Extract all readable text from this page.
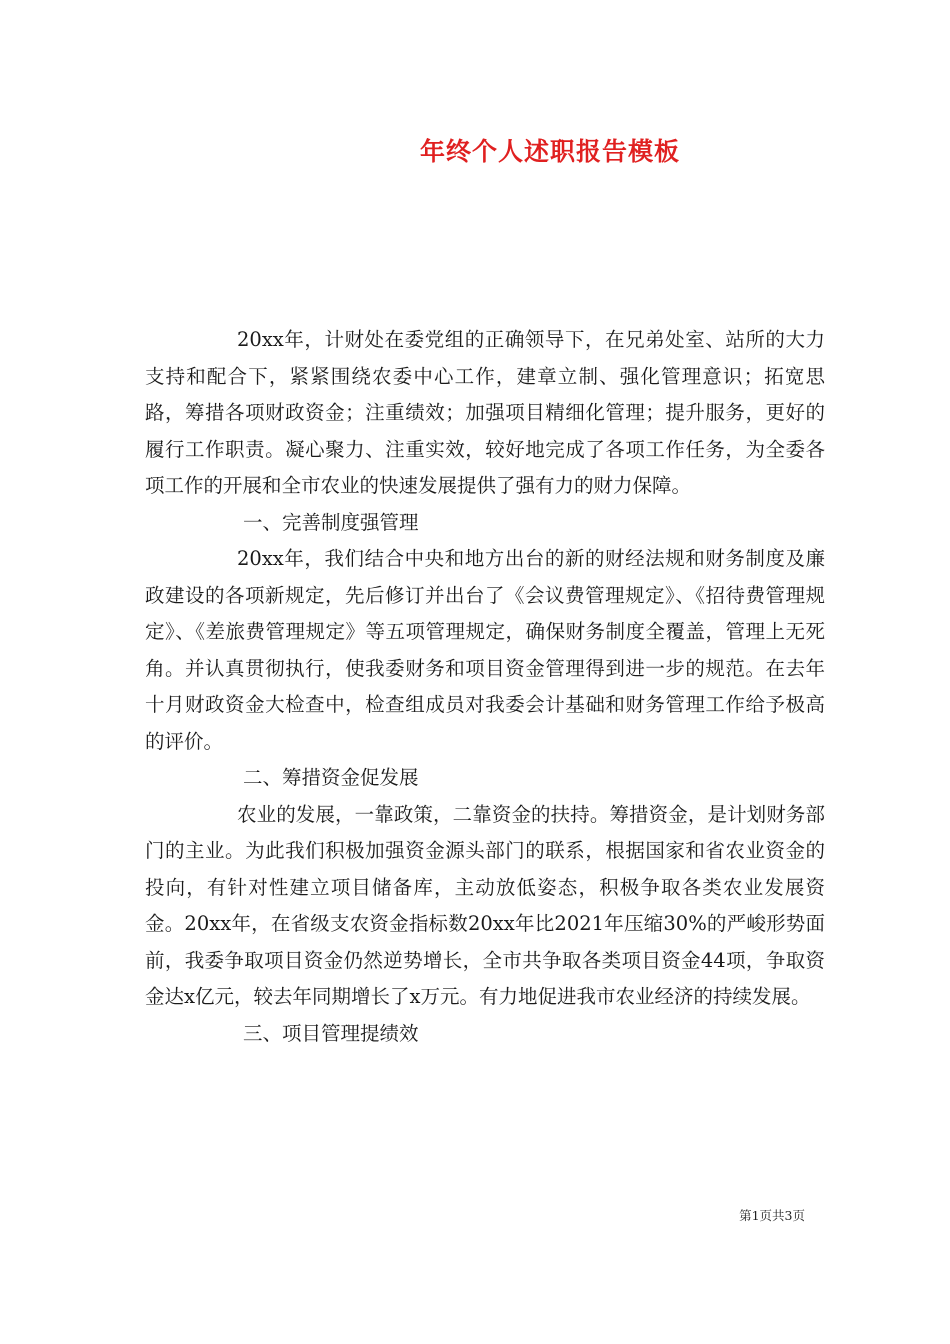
年终个人述职报告模板

20xx年，计财处在委党组的正确领导下，在兄弟处室、站所的大力支持和配合下，紧紧围绕农委中心工作，建章立制、强化管理意识；拓宽思路，筹措各项财政资金；注重绩效；加强项目精细化管理；提升服务，更好的履行工作职责。凝心聚力、注重实效，较好地完成了各项工作任务，为全委各项工作的开展和全市农业的快速发展提供了强有力的财力保障。

一、完善制度强管理

20xx年，我们结合中央和地方出台的新的财经法规和财务制度及廉政建设的各项新规定，先后修订并出台了《会议费管理规定》、《招待费管理规定》、《差旅费管理规定》等五项管理规定，确保财务制度全覆盖，管理上无死角。并认真贯彻执行，使我委财务和项目资金管理得到进一步的规范。在去年十月财政资金大检查中，检查组成员对我委会计基础和财务管理工作给予极高的评价。

二、筹措资金促发展

农业的发展，一靠政策，二靠资金的扶持。筹措资金，是计划财务部门的主业。为此我们积极加强资金源头部门的联系，根据国家和省农业资金的投向，有针对性建立项目储备库，主动放低姿态，积极争取各类农业发展资金。20xx年，在省级支农资金指标数20xx年比2021年压缩30%的严峻形势面前，我委争取项目资金仍然逆势增长，全市共争取各类项目资金44项，争取资金达x亿元，较去年同期增长了x万元。有力地促进我市农业经济的持续发展。

三、项目管理提绩效

第1页共3页
